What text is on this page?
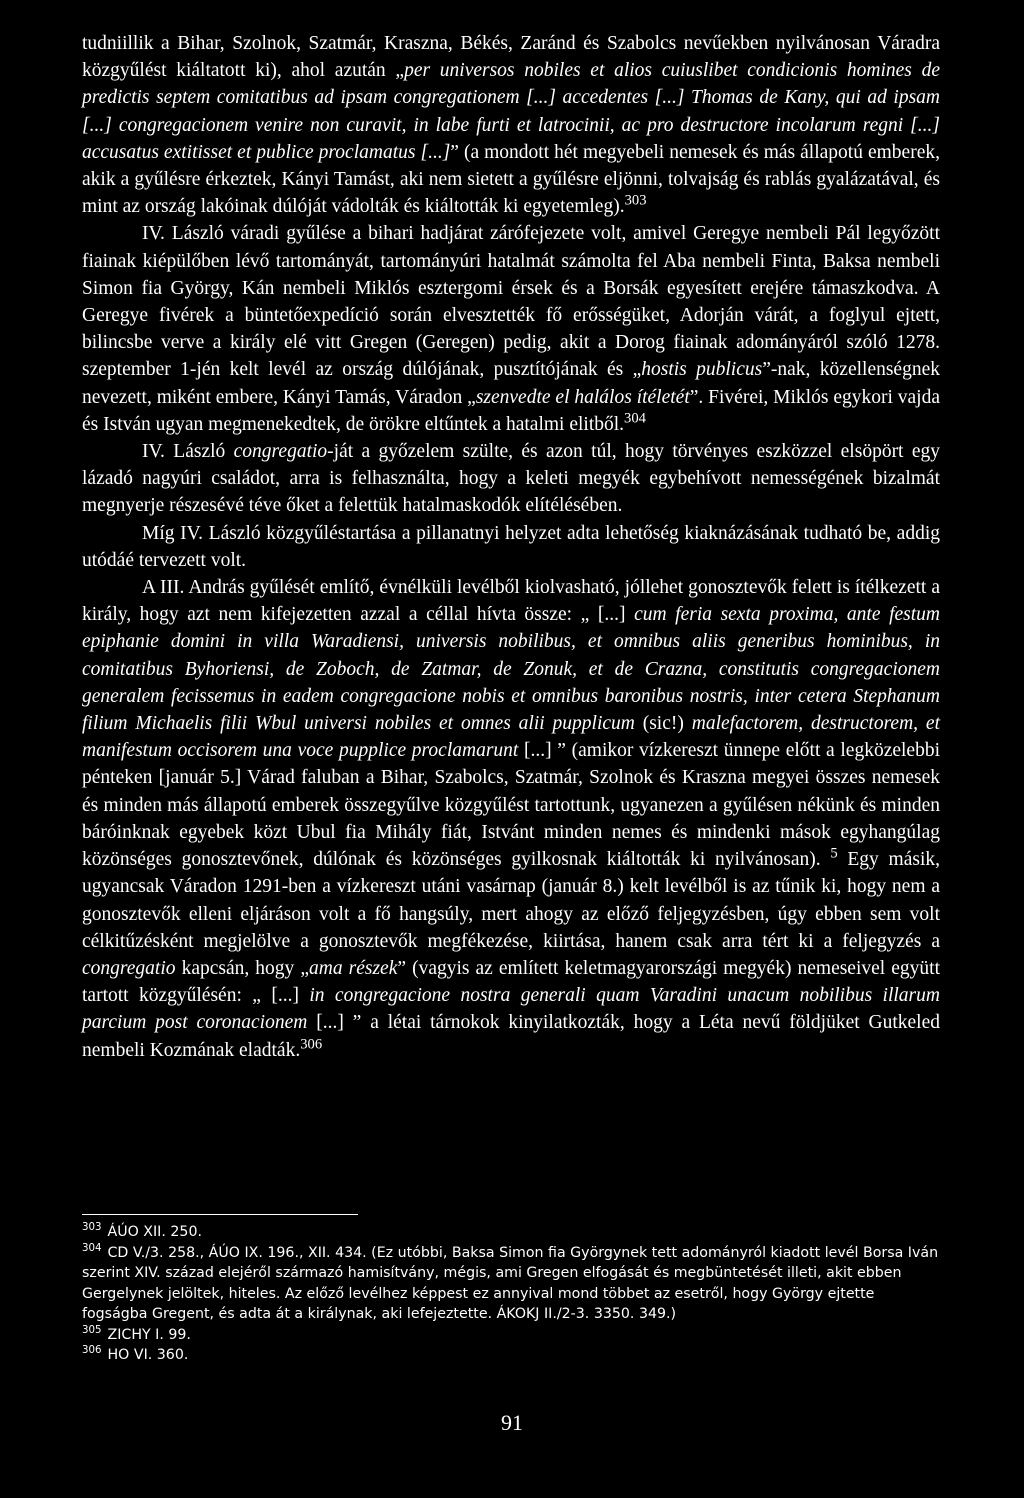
tudniillik a Bihar, Szolnok, Szatmár, Kraszna, Békés, Zaránd és Szabolcs nevűekben nyilvánosan Váradra közgyűlést kiáltatott ki), ahol azután „per universos nobiles et alios cuiuslibet condicionis homines de predictis septem comitatibus ad ipsam congregationem [...] accedentes [...] Thomas de Kany, qui ad ipsam [...] congregacionem venire non curavit, in labe furti et latrocinii, ac pro destructore incolarum regni [...] accusatus extitisset et publice proclamatus [...]” (a mondott hét megyebeli nemesek és más állapotú emberek, akik a gyűlésre érkeztek, Kányi Tamást, aki nem sietett a gyűlésre eljönni, tolvajság és rablás gyalázatával, és mint az ország lakóinak dúlóját vádolták és kiáltották ki egyetemleg).$^{303}$

IV. László váradi gyűlése a bihari hadjárat zárófejezete volt, amivel Geregye nembeli Pál legyőzött fiainak kiépülőben lévő tartományát, tartományúri hatalmát számolta fel Aba nembeli Finta, Baksa nembeli Simon fia György, Kán nembeli Miklós esztergomi érsek és a Borsák egyesített erejére támaszkodva. A Geregye fivérek a büntetőexpedíció során elvesztették fő erősségüket, Adorján várát, a foglyul ejtett, bilincsbe verve a király elé vitt Gregen (Geregen) pedig, akit a Dorog fiainak adományáról szóló 1278. szeptember 1-jén kelt levél az ország dúlójának, pusztítójának és „hostis publicus”-nak, közellenségnek nevezett, miként embere, Kányi Tamás, Váradon „szenvedte el halálos ítéletét”. Fivérei, Miklós egykori vajda és István ugyan megmenekedtek, de örökre eltűntek a hatalmi elitből.$^{304}$

IV. László congregatio-ját a győzelem szülte, és azon túl, hogy törvényes eszközzel elsöpört egy lázadó nagyúri családot, arra is felhasználta, hogy a keleti megyék egybehívott nemességének bizalmát megnyerje részesévé téve őket a felettük hatalmaskodók elítélésében.

Míg IV. László közgyűléstartása a pillanatnyi helyzet adta lehetőség kiaknázásának tudható be, addig utódáé tervezett volt.

A III. András gyűlését említő, évnélküli levélből kiolvasható, jóllehet gonosztevők felett is ítélkezett a király, hogy azt nem kifejezetten azzal a céllal hívta össze: „ [...] cum feria sexta proxima, ante festum epiphanie domini in villa Waradiensi, universis nobilibus, et omnibus aliis generibus hominibus, in comitatibus Byhoriensi, de Zoboch, de Zatmar, de Zonuk, et de Crazna, constitutis congregacionem generalem fecissemus in eadem congregacione nobis et omnibus baronibus nostris, inter cetera Stephanum filium Michaelis filii Wbul universi nobiles et omnes alii pupplicum (sic!) malefactorem, destructorem, et manifestum occisorem una voce pupplice proclamarunt [...] ” (amikor vízkereszt ünnepe előtt a legközelebbi pénteken [január 5.] Várad faluban a Bihar, Szabolcs, Szatmár, Szolnok és Kraszna megyei összes nemesek és minden más állapotú emberek összegyűlve közgyűlést tartottunk, ugyanezen a gyűlésen nékünk és minden báróinknak egyebek közt Ubul fia Mihály fiát, Istvánt minden nemes és mindenki mások egyhangúlag közönséges gonosztevőnek, dúlónak és közönséges gyilkosnak kiáltották ki nyilvánosan). $^5$ Egy másik, ugyancsak Váradon 1291-ben a vízkereszt utáni vasárnap (január 8.) kelt levélből is az tűnik ki, hogy nem a gonosztevők elleni eljáráson volt a fő hangsúly, mert ahogy az előző feljegyzésben, úgy ebben sem volt célkitűzésként megjelölve a gonosztevők megfékezése, kiirtása, hanem csak arra tért ki a feljegyzés a congregatio kapcsán, hogy „ama részek” (vagyis az említett keletmagyarországi megyék) nemeseivel együtt tartott közgyűlésén: „ [...] in congregacione nostra generali quam Varadini unacum nobilibus illarum parcium post coronacionem [...] ” a létai tárnokok kinyilatkozták, hogy a Léta nevű földjüket Gutkeled nembeli Kozmának eladták.$^{306}$

$^{303}$ ÁÚO XII. 250.

$^{304}$ CD V./3. 258., ÁÚO IX. 196., XII. 434. (Ez utóbbi, Baksa Simon fia Györgynek tett adományról kiadott levél Borsa Iván szerint XIV. század elejéről származó hamisítvány, mégis, ami Gregen elfogását és megbüntetését illeti, akit ebben Gergelynek jelöltek, hiteles. Az előző levélhez képpest ez annyival mond többet az esetről, hogy György ejtette fogságba Gregent, és adta át a királynak, aki lefejeztette. ÁKOKJ II./2-3. 3350. 349.)

$^{305}$ ZICHY I. 99.

$^{306}$ HO VI. 360.

91
